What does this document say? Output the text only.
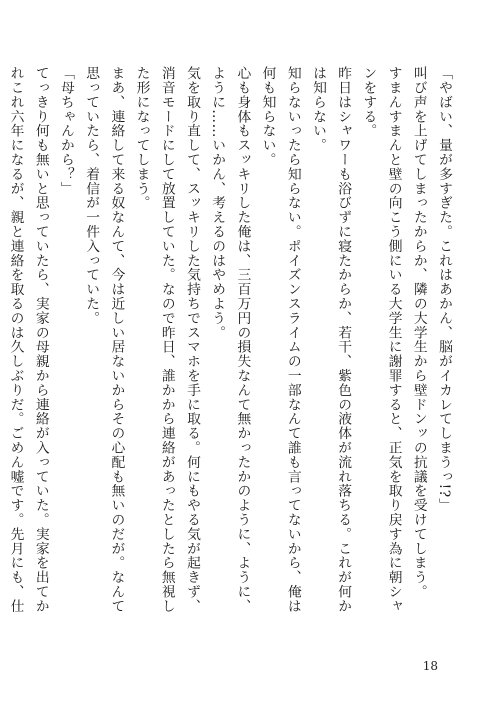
「やばい、量が多すぎた。これはあかん、脳がイカレてしまうっ!?」

叫び声を上げてしまったからか、隣の大学生から壁ドンッの抗議を受けてしまう。

すまんすまんと壁の向こう側にいる大学生に謝罪すると、正気を取り戻す為に朝シャンをする。

昨日はシャワーも浴びずに寝たからか、若干、紫色の液体が流れ落ちる。これが何かは知らない。

知らないったら知らない。ポイズンスライムの一部なんて誰も言ってないから、俺は何も知らない。

心も身体もスッキリした俺は、三百万円の損失なんて無かったかのように、ように、ように……いかん、考えるのはやめよう。

気を取り直して、スッキリした気持ちでスマホを手に取る。何にもやる気が起きず、消音モードにして放置していた。なので昨日、誰かから連絡があったとしたら無視した形になってしまう。

まあ、連絡して来る奴なんて、今は近しい居ないからその心配も無いのだが。なんて思っていたら、着信が一件入っていた。

「母ちゃんから？」

てっきり何も無いと思っていたら、実家の母親から連絡が入っていた。実家を出てかれこれ六年になるが、親と連絡を取るのは久しぶりだ。ごめん嘘です。先月にも、仕

18
